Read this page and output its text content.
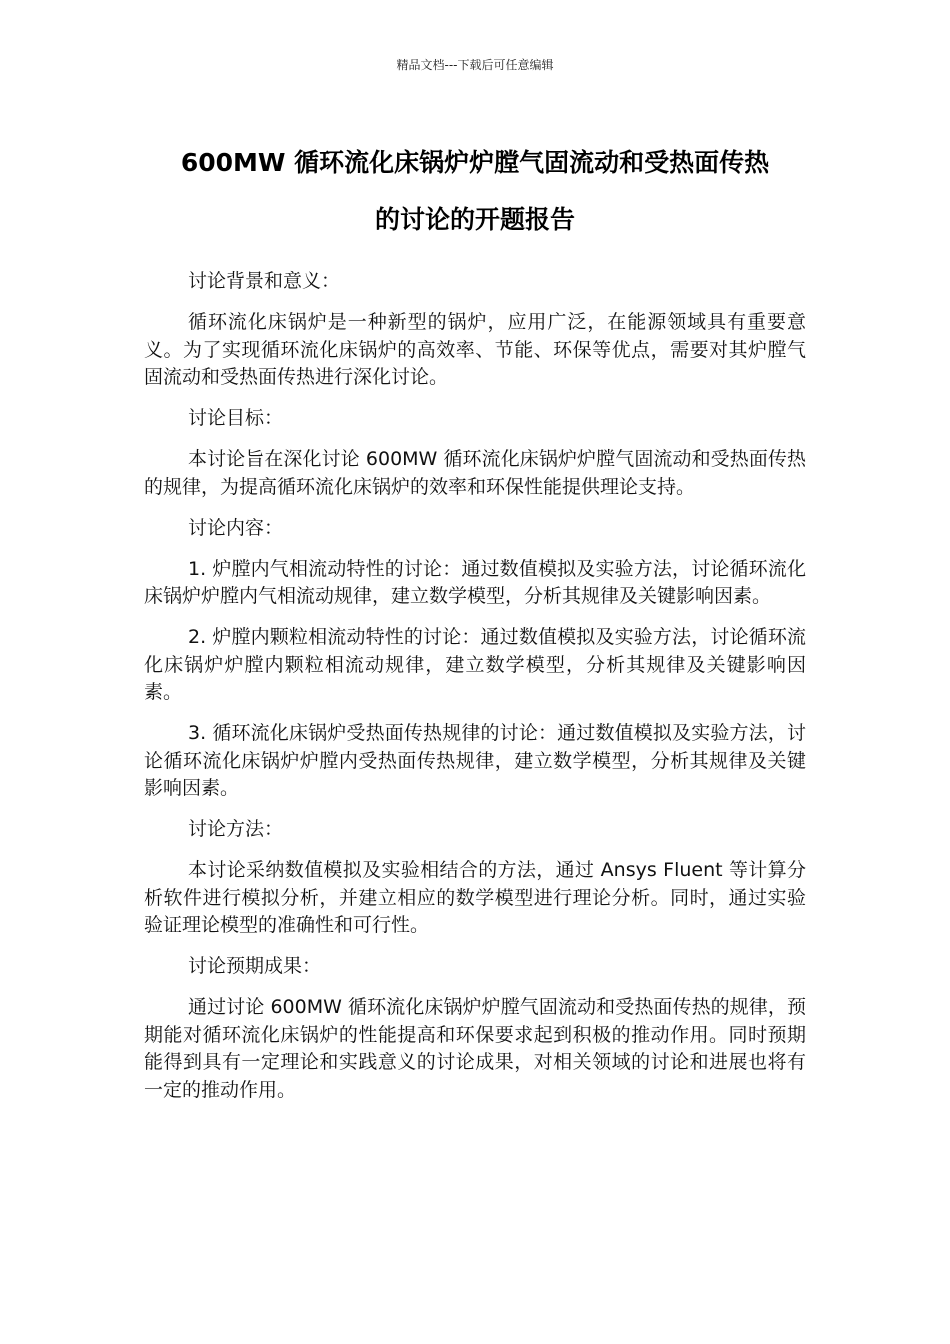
精品文档---下载后可任意编辑
600MW 循环流化床锅炉炉膛气固流动和受热面传热
的讨论的开题报告

讨论背景和意义：

循环流化床锅炉是一种新型的锅炉，应用广泛，在能源领域具有重要意义。为了实现循环流化床锅炉的高效率、节能、环保等优点，需要对其炉膛气固流动和受热面传热进行深化讨论。

讨论目标：

本讨论旨在深化讨论 600MW 循环流化床锅炉炉膛气固流动和受热面传热的规律，为提高循环流化床锅炉的效率和环保性能提供理论支持。

讨论内容：

1. 炉膛内气相流动特性的讨论：通过数值模拟及实验方法，讨论循环流化床锅炉炉膛内气相流动规律，建立数学模型，分析其规律及关键影响因素。

2. 炉膛内颗粒相流动特性的讨论：通过数值模拟及实验方法，讨论循环流化床锅炉炉膛内颗粒相流动规律，建立数学模型，分析其规律及关键影响因素。

3. 循环流化床锅炉受热面传热规律的讨论：通过数值模拟及实验方法，讨论循环流化床锅炉炉膛内受热面传热规律，建立数学模型，分析其规律及关键影响因素。

讨论方法：

本讨论采纳数值模拟及实验相结合的方法，通过 Ansys Fluent 等计算分析软件进行模拟分析，并建立相应的数学模型进行理论分析。同时，通过实验验证理论模型的准确性和可行性。

讨论预期成果：

通过讨论 600MW 循环流化床锅炉炉膛气固流动和受热面传热的规律，预期能对循环流化床锅炉的性能提高和环保要求起到积极的推动作用。同时预期能得到具有一定理论和实践意义的讨论成果，对相关领域的讨论和进展也将有一定的推动作用。
